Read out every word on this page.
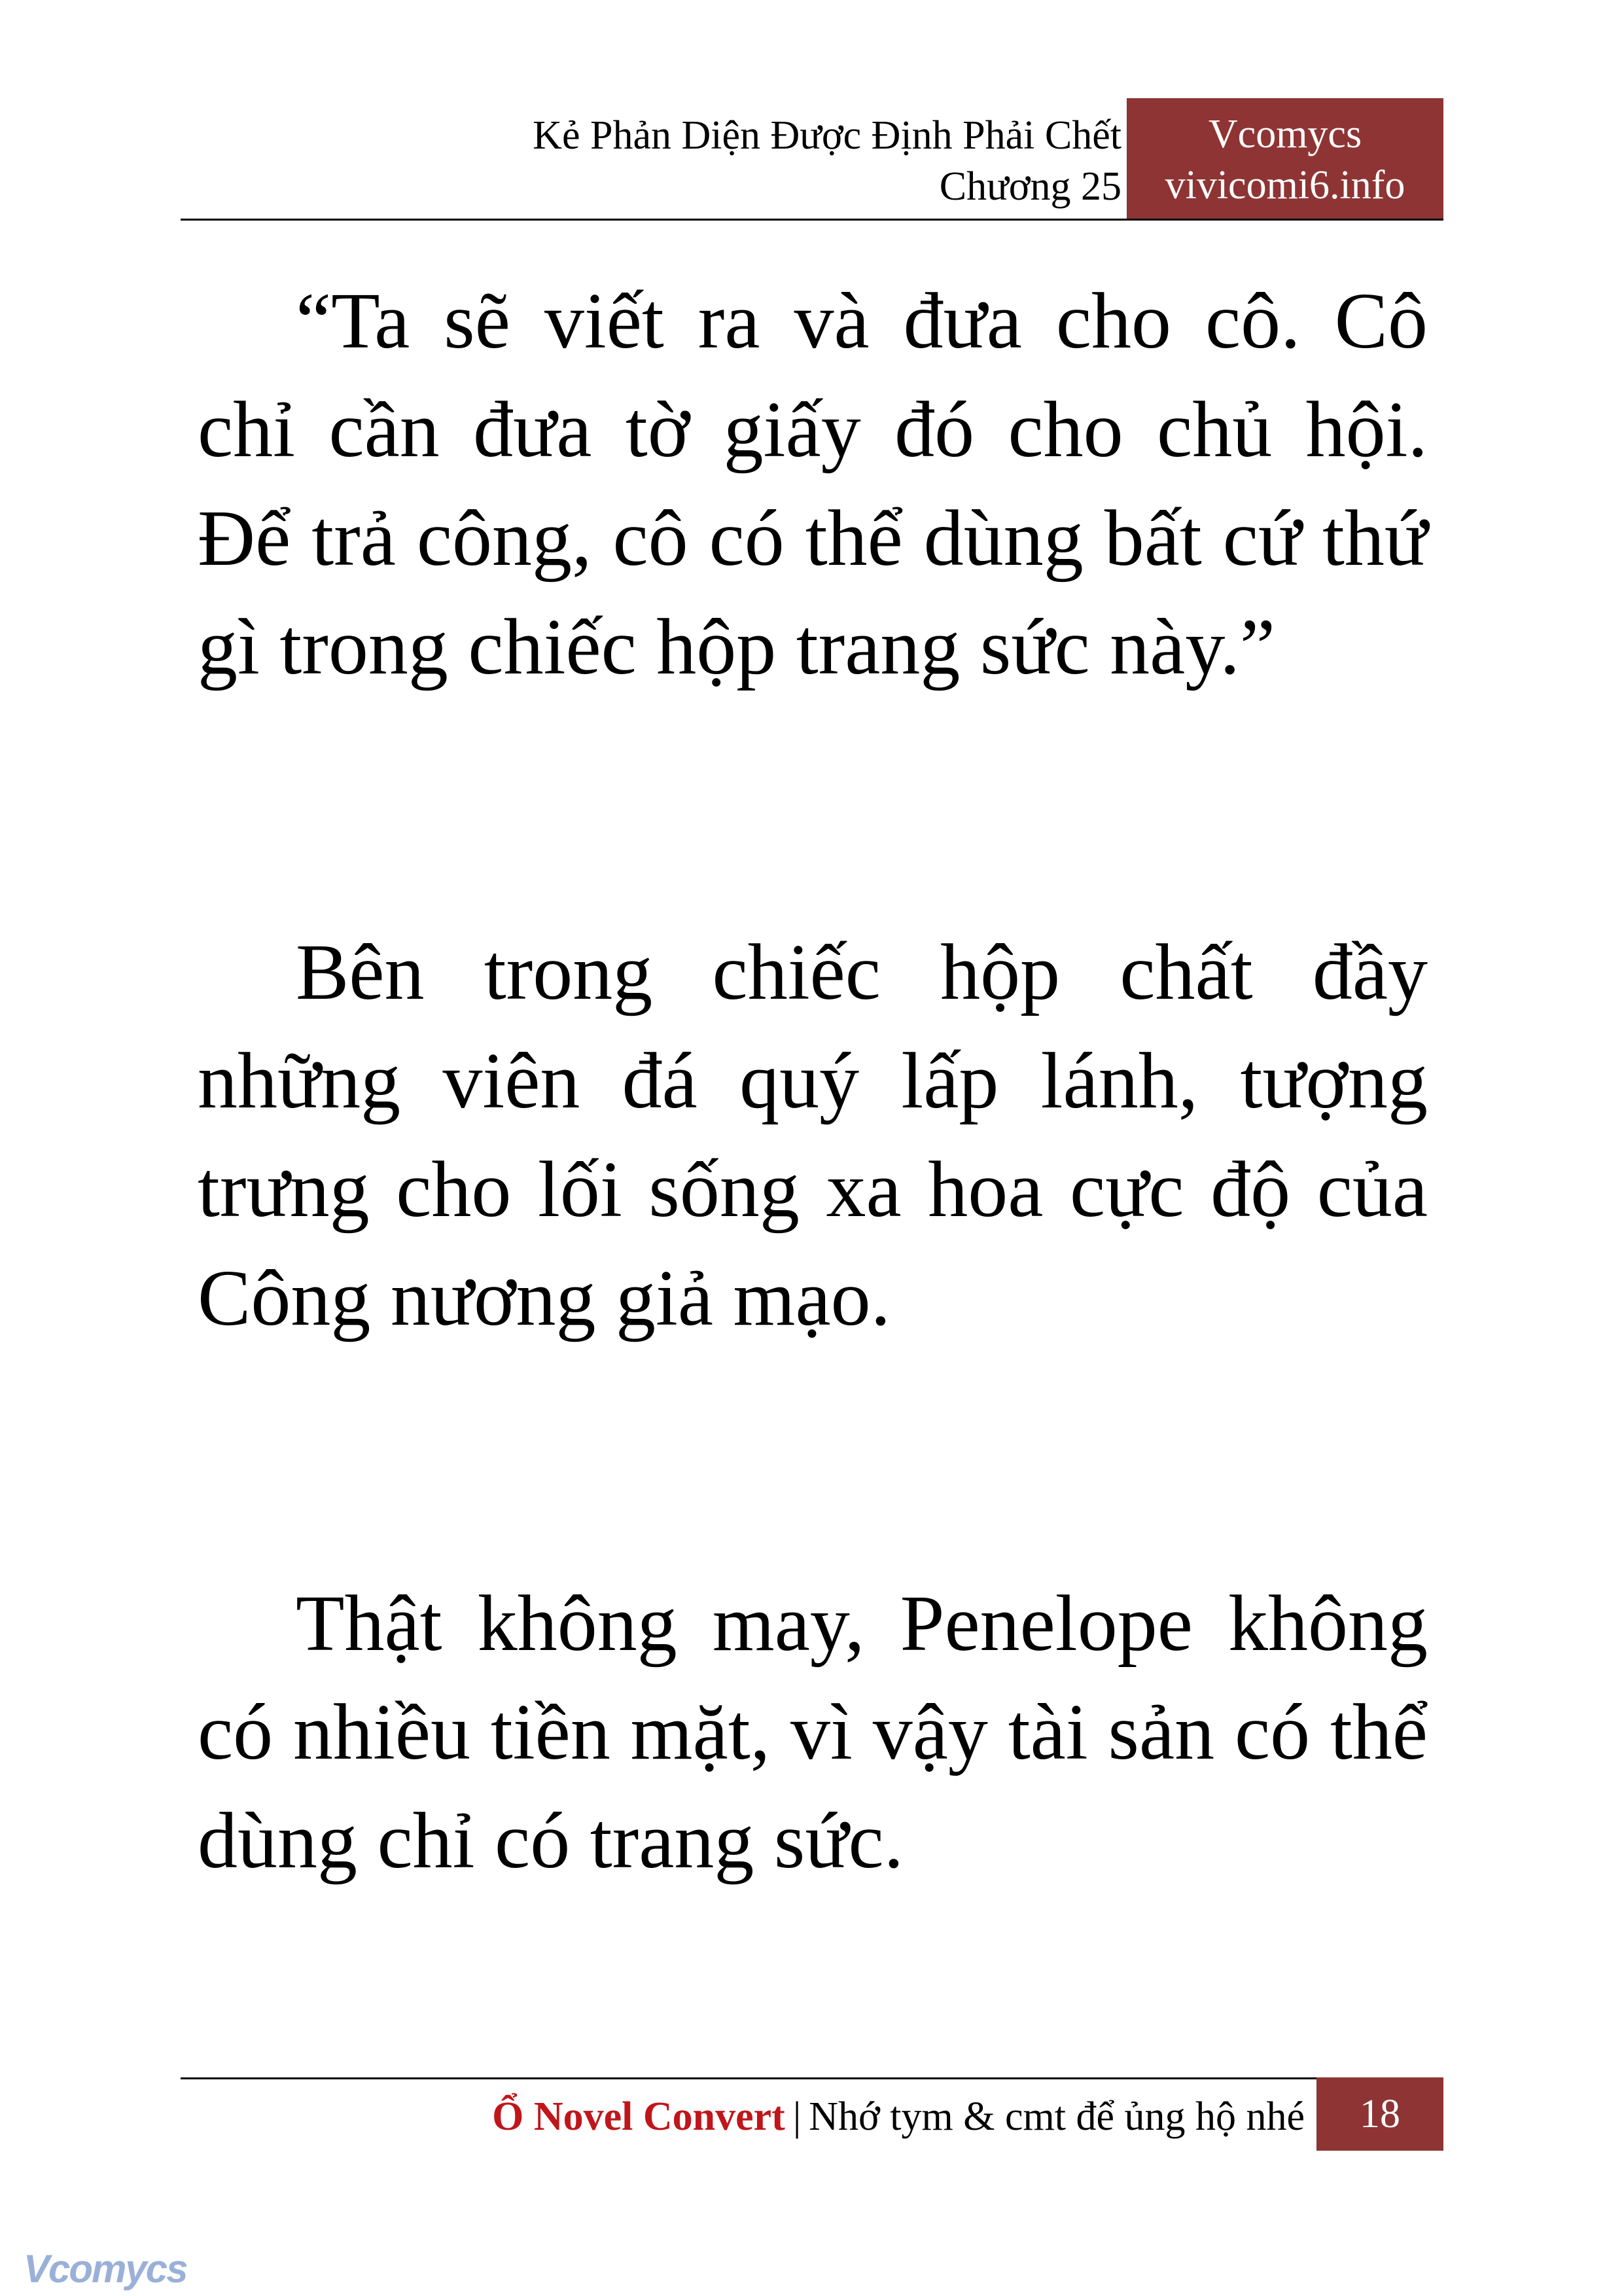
Kẻ Phản Diện Được Định Phải Chết
Chương 25
Vcomycs
vivicomi6.info

“Ta sẽ viết ra và đưa cho cô. Cô chỉ cần đưa tờ giấy đó cho chủ hội. Để trả công, cô có thể dùng bất cứ thứ gì trong chiếc hộp trang sức này.”

Bên trong chiếc hộp chất đầy những viên đá quý lấp lánh, tượng trưng cho lối sống xa hoa cực độ của Công nương giả mạo.

Thật không may, Penelope không có nhiều tiền mặt, vì vậy tài sản có thể dùng chỉ có trang sức.

Ổ Novel Convert | Nhớ tym & cmt để ủng hộ nhé	18
Vcomycs
